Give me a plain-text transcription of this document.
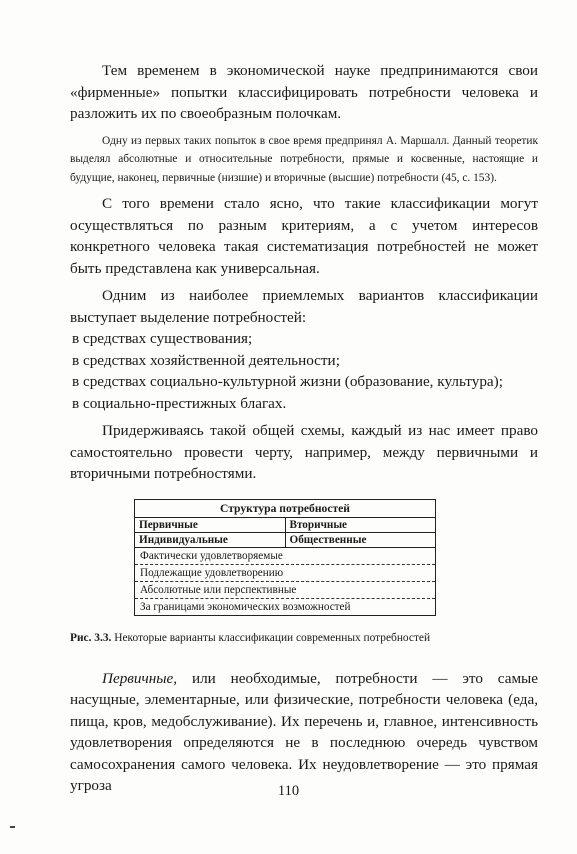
Тем временем в экономической науке предпринимаются свои «фирменные» попытки классифицировать потребности человека и разложить их по своеобразным полочкам.

Одну из первых таких попыток в свое время предпринял А. Маршалл. Данный теоретик выделял абсолютные и относительные потребности, прямые и косвенные, настоящие и будущие, наконец, первичные (низшие) и вторичные (высшие) потребности (45, с. 153).

С того времени стало ясно, что такие классификации могут осуществляться по разным критериям, а с учетом интересов конкретного человека такая систематизация потребностей не может быть представлена как универсальная.

Одним из наиболее приемлемых вариантов классификации выступает выделение потребностей:

в средствах существования;

в средствах хозяйственной деятельности;

в средствах социально-культурной жизни (образование, культура);

в социально-престижных благах.

Придерживаясь такой общей схемы, каждый из нас имеет право самостоятельно провести черту, например, между первичными и вторичными потребностями.

Структура потребностей
Первичные	Вторичные
Индивидуальные	Общественные
Фактически удовлетворяемые
Подлежащие удовлетворению
Абсолютные или перспективные
За границами экономических возможностей

Рис. 3.3. Некоторые варианты классификации современных потребностей

Первичные, или необходимые, потребности — это самые насущные, элементарные, или физические, потребности человека (еда, пища, кров, медобслуживание). Их перечень и, главное, интенсивность удовлетворения определяются не в последнюю очередь чувством самосохранения самого человека. Их неудовлетворение — это прямая угроза	110
